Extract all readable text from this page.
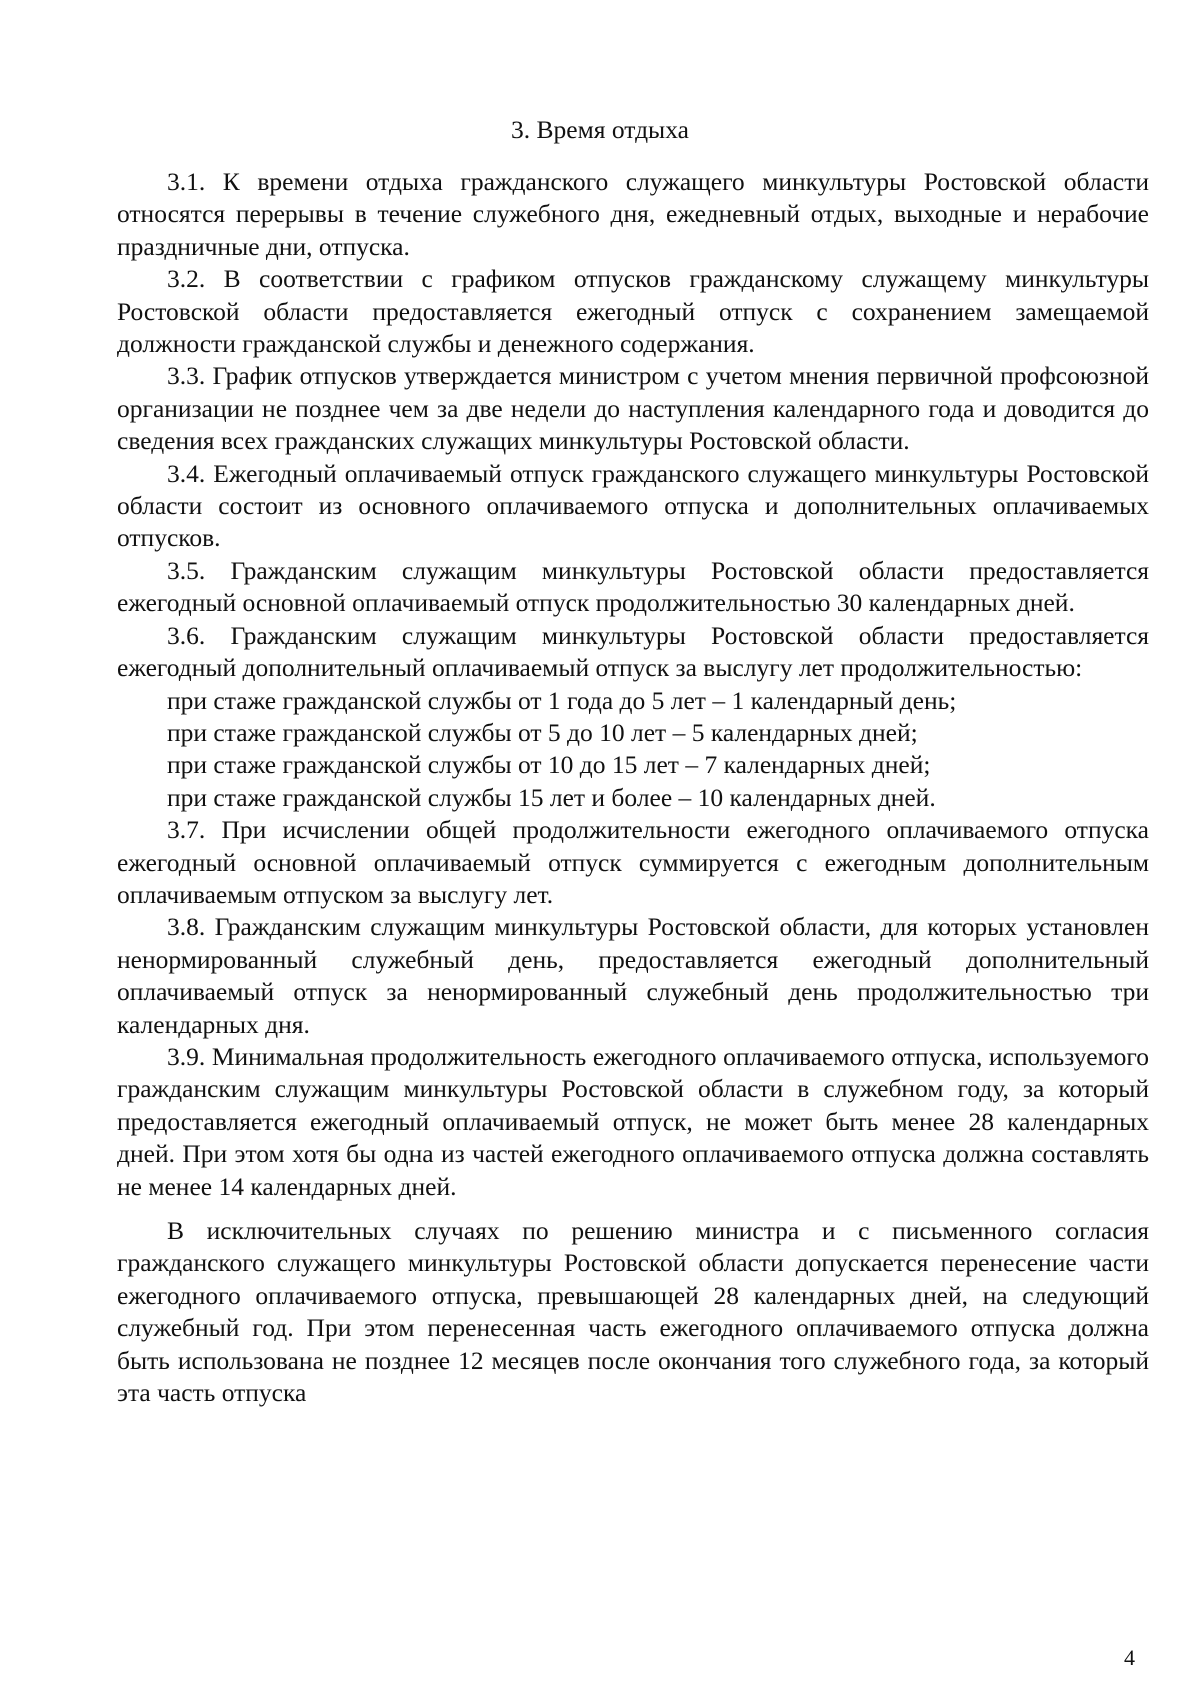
3. Время отдыха

3.1. К времени отдыха гражданского служащего минкультуры Ростовской области относятся перерывы в течение служебного дня, ежедневный отдых, выходные и нерабочие праздничные дни, отпуска.

3.2. В соответствии с графиком отпусков гражданскому служащему минкультуры Ростовской области предоставляется ежегодный отпуск с сохранением замещаемой должности гражданской службы и денежного содержания.

3.3. График отпусков утверждается министром с учетом мнения первичной профсоюзной организации не позднее чем за две недели до наступления календарного года и доводится до сведения всех гражданских служащих минкультуры Ростовской области.

3.4. Ежегодный оплачиваемый отпуск гражданского служащего минкультуры Ростовской области состоит из основного оплачиваемого отпуска и дополнительных оплачиваемых отпусков.

3.5. Гражданским служащим минкультуры Ростовской области предоставляется ежегодный основной оплачиваемый отпуск продолжительностью 30 календарных дней.

3.6. Гражданским служащим минкультуры Ростовской области предоставляется ежегодный дополнительный оплачиваемый отпуск за выслугу лет продолжительностью:

при стаже гражданской службы от 1 года до 5 лет – 1 календарный день;

при стаже гражданской службы от 5 до 10 лет – 5 календарных дней;

при стаже гражданской службы от 10 до 15 лет – 7 календарных дней;

при стаже гражданской службы 15 лет и более – 10 календарных дней.

3.7. При исчислении общей продолжительности ежегодного оплачиваемого отпуска ежегодный основной оплачиваемый отпуск суммируется с ежегодным дополнительным оплачиваемым отпуском за выслугу лет.

3.8. Гражданским служащим минкультуры Ростовской области, для которых установлен ненормированный служебный день, предоставляется ежегодный дополнительный оплачиваемый отпуск за ненормированный служебный день продолжительностью три календарных дня.

3.9. Минимальная продолжительность ежегодного оплачиваемого отпуска, используемого гражданским служащим минкультуры Ростовской области в служебном году, за который предоставляется ежегодный оплачиваемый отпуск, не может быть менее 28 календарных дней. При этом хотя бы одна из частей ежегодного оплачиваемого отпуска должна составлять не менее 14 календарных дней.

В исключительных случаях по решению министра и с письменного согласия гражданского служащего минкультуры Ростовской области допускается перенесение части ежегодного оплачиваемого отпуска, превышающей 28 календарных дней, на следующий служебный год. При этом перенесенная часть ежегодного оплачиваемого отпуска должна быть использована не позднее 12 месяцев после окончания того служебного года, за который эта часть отпуска

4
